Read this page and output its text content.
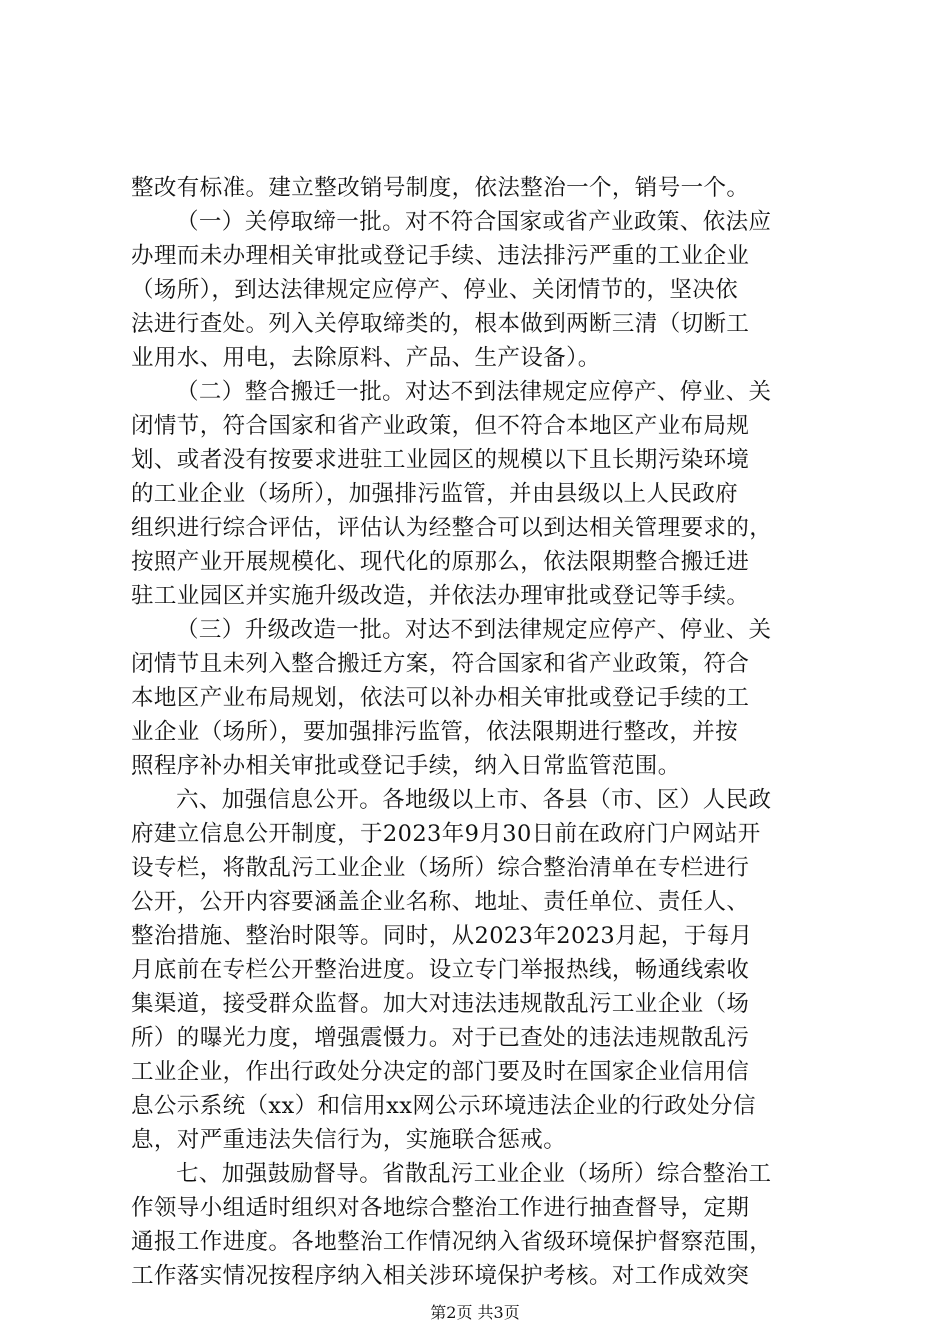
整改有标准。建立整改销号制度，依法整治一个，销号一个。
（一）关停取缔一批。对不符合国家或省产业政策、依法应
办理而未办理相关审批或登记手续、违法排污严重的工业企业
（场所），到达法律规定应停产、停业、关闭情节的，坚决依
法进行查处。列入关停取缔类的，根本做到两断三清（切断工
业用水、用电，去除原料、产品、生产设备）。
（二）整合搬迁一批。对达不到法律规定应停产、停业、关
闭情节，符合国家和省产业政策，但不符合本地区产业布局规
划、或者没有按要求进驻工业园区的规模以下且长期污染环境
的工业企业（场所），加强排污监管，并由县级以上人民政府
组织进行综合评估，评估认为经整合可以到达相关管理要求的，
按照产业开展规模化、现代化的原那么，依法限期整合搬迁进
驻工业园区并实施升级改造，并依法办理审批或登记等手续。
（三）升级改造一批。对达不到法律规定应停产、停业、关
闭情节且未列入整合搬迁方案，符合国家和省产业政策，符合
本地区产业布局规划，依法可以补办相关审批或登记手续的工
业企业（场所），要加强排污监管，依法限期进行整改，并按
照程序补办相关审批或登记手续，纳入日常监管范围。
六、加强信息公开。各地级以上市、各县（市、区）人民政
府建立信息公开制度，于2023年9月30日前在政府门户网站开
设专栏，将散乱污工业企业（场所）综合整治清单在专栏进行
公开，公开内容要涵盖企业名称、地址、责任单位、责任人、
整治措施、整治时限等。同时，从2023年2023月起，于每月
月底前在专栏公开整治进度。设立专门举报热线，畅通线索收
集渠道，接受群众监督。加大对违法违规散乱污工业企业（场
所）的曝光力度，增强震慑力。对于已查处的违法违规散乱污
工业企业，作出行政处分决定的部门要及时在国家企业信用信
息公示系统（xx）和信用xx网公示环境违法企业的行政处分信
息，对严重违法失信行为，实施联合惩戒。
七、加强鼓励督导。省散乱污工业企业（场所）综合整治工
作领导小组适时组织对各地综合整治工作进行抽查督导，定期
通报工作进度。各地整治工作情况纳入省级环境保护督察范围，
工作落实情况按程序纳入相关涉环境保护考核。对工作成效突
第2页 共3页
